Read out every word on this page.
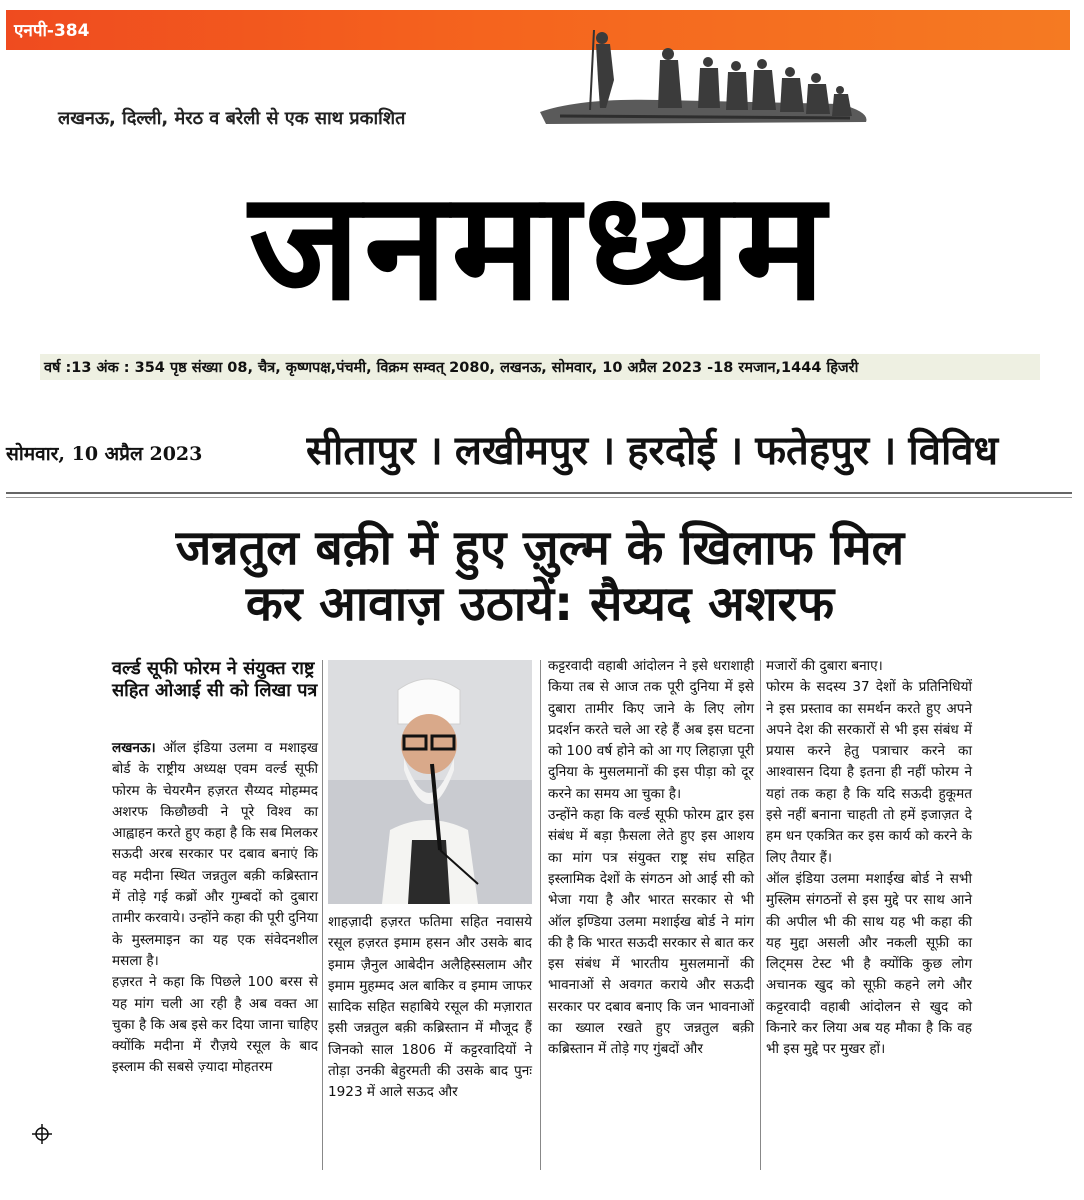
एनपी-384
लखनऊ, दिल्ली, मेरठ व बरेली से एक साथ प्रकाशित
जनमाध्यम
वर्ष :13 अंक : 354 पृष्ठ संख्या 08, चैत्र, कृष्णपक्ष,पंचमी, विक्रम सम्वत् 2080, लखनऊ, सोमवार, 10 अप्रैल 2023 -18 रमजान,1444 हिजरी
सोमवार, 10 अप्रैल 2023	सीतापुर । लखीमपुर । हरदोई । फतेहपुर । विविध
जन्नतुल बक़ी में हुए ज़ुल्म के खिलाफ मिल
कर आवाज़ उठायें: सैय्यद अशरफ
वर्ल्ड सूफी फोरम ने संयुक्त राष्ट्र सहित ओआई सी को लिखा पत्र

लखनऊ। ऑल इंडिया उलमा व मशाइख बोर्ड के राष्ट्रीय अध्यक्ष एवम वर्ल्ड सूफी फोरम के चेयरमैन हज़रत सैय्यद मोहम्मद अशरफ किछौछवी ने पूरे विश्व का आह्वाहन करते हुए कहा है कि सब मिलकर सऊदी अरब सरकार पर दबाव बनाएं कि वह मदीना स्थित जन्नतुल बक़ी कब्रिस्तान में तोड़े गई कब्रों और गुम्बदों को दुबारा तामीर करवाये। उन्होंने कहा की पूरी दुनिया के मुस्लमाइन का यह एक संवेदनशील मसला है।

हज़रत ने कहा कि पिछले 100 बरस से यह मांग चली आ रही है अब वक्त आ चुका है कि अब इसे कर दिया जाना चाहिए क्योंकि मदीना में रौज़ये रसूल के बाद इस्लाम की सबसे ज़्यादा मोहतरम

शाहज़ादी हज़रत फतिमा सहित नवासये रसूल हज़रत इमाम हसन और उसके बाद इमाम ज़ैनुल आबेदीन अलैहिस्सलाम और इमाम मुहम्मद अल बाकिर व इमाम जाफर सादिक सहित सहाबिये रसूल की मज़ारात इसी जन्नतुल बक़ी कब्रिस्तान में मौजूद हैं जिनको साल 1806 में कट्टरवादियों ने तोड़ा उनकी बेहुरमती की उसके बाद पुनः 1923 में आले सऊद और

कट्टरवादी वहाबी आंदोलन ने इसे धराशाही किया तब से आज तक पूरी दुनिया में इसे दुबारा तामीर किए जाने के लिए लोग प्रदर्शन करते चले आ रहे हैं अब इस घटना को 100 वर्ष होने को आ गए लिहाज़ा पूरी दुनिया के मुसलमानों की इस पीड़ा को दूर करने का समय आ चुका है।

उन्होंने कहा कि वर्ल्ड सूफी फोरम द्वार इस संबंध में बड़ा फ़ैसला लेते हुए इस आशय का मांग पत्र संयुक्त राष्ट्र संघ सहित इस्लामिक देशों के संगठन ओ आई सी को भेजा गया है और भारत सरकार से भी ऑल इण्डिया उलमा मशाईख बोर्ड ने मांग की है कि भारत सऊदी सरकार से बात कर इस संबंध में भारतीय मुसलमानों की भावनाओं से अवगत कराये और सऊदी सरकार पर दबाव बनाए कि जन भावनाओं का ख्याल रखते हुए जन्नतुल बक़ी कब्रिस्तान में तोड़े गए गुंबदों और

मजारों की दुबारा बनाए।

फोरम के सदस्य 37 देशों के प्रतिनिधियों ने इस प्रस्ताव का समर्थन करते हुए अपने अपने देश की सरकारों से भी इस संबंध में प्रयास करने हेतु पत्राचार करने का आश्वासन दिया है इतना ही नहीं फोरम ने यहां तक कहा है कि यदि सऊदी हुकूमत इसे नहीं बनाना चाहती तो हमें इजाज़त दे हम धन एकत्रित कर इस कार्य को करने के लिए तैयार हैं।

ऑल इंडिया उलमा मशाईख बोर्ड ने सभी मुस्लिम संगठनों से इस मुद्दे पर साथ आने की अपील भी की साथ यह भी कहा की यह मुद्दा असली और नकली सूफ़ी का लिट्मस टेस्ट भी है क्योंकि कुछ लोग अचानक खुद को सूफ़ी कहने लगे और कट्टरवादी वहाबी आंदोलन से खुद को किनारे कर लिया अब यह मौका है कि वह भी इस मुद्दे पर मुखर हों।
